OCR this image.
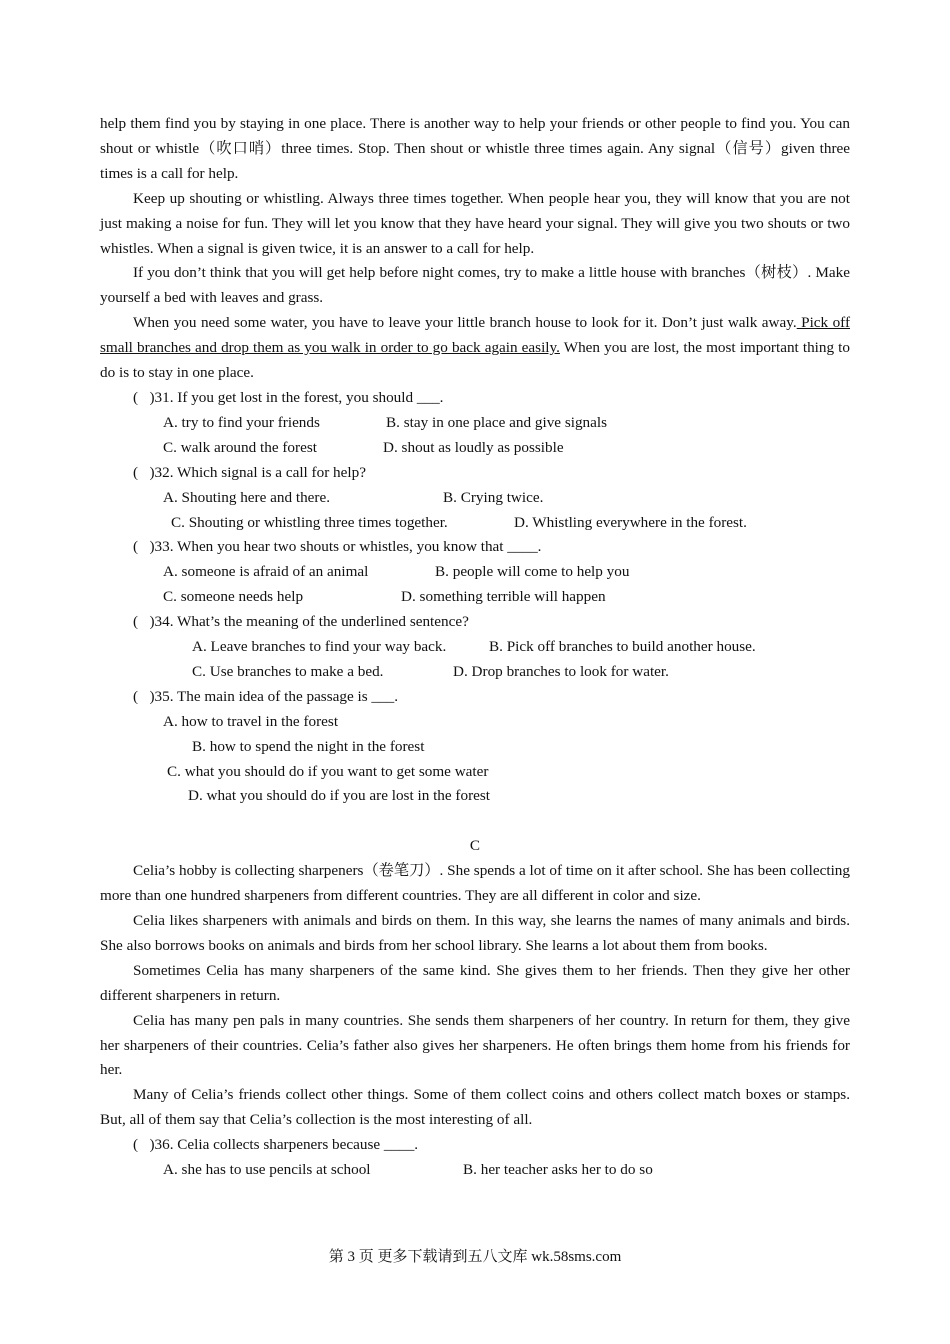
help them find you by staying in one place. There is another way to help your friends or other people to find you. You can shout or whistle（吹口哨）three times. Stop. Then shout or whistle three times again. Any signal（信号）given three times is a call for help.

Keep up shouting or whistling. Always three times together. When people hear you, they will know that you are not just making a noise for fun. They will let you know that they have heard your signal. They will give you two shouts or two whistles. When a signal is given twice, it is an answer to a call for help.

If you don’t think that you will get help before night comes, try to make a little house with branches（树枝）. Make yourself a bed with leaves and grass.

When you need some water, you have to leave your little branch house to look for it. Don’t just walk away. Pick off small branches and drop them as you walk in order to go back again easily. When you are lost, the most important thing to do is to stay in one place.

(   )31. If you get lost in the forest, you should ___.

A. try to find your friends	B. stay in one place and give signals
C. walk around the forest	D. shout as loudly as possible

(   )32. Which signal is a call for help?

A. Shouting here and there.	B. Crying twice.
C. Shouting or whistling three times together.	D. Whistling everywhere in the forest.

(   )33. When you hear two shouts or whistles, you know that ____.

A. someone is afraid of an animal	B. people will come to help you
C. someone needs help	D. something terrible will happen

(   )34. What’s the meaning of the underlined sentence?

A. Leave branches to find your way back.	B. Pick off branches to build another house.
C. Use branches to make a bed.	D. Drop branches to look for water.

(   )35. The main idea of the passage is ___.

A. how to travel in the forest
B. how to spend the night in the forest
C. what you should do if you want to get some water
D. what you should do if you are lost in the forest

C

Celia’s hobby is collecting sharpeners（卷笔刀）. She spends a lot of time on it after school. She has been collecting more than one hundred sharpeners from different countries. They are all different in color and size.

Celia likes sharpeners with animals and birds on them. In this way, she learns the names of many animals and birds. She also borrows books on animals and birds from her school library. She learns a lot about them from books.

Sometimes Celia has many sharpeners of the same kind. She gives them to her friends. Then they give her other different sharpeners in return.

Celia has many pen pals in many countries. She sends them sharpeners of her country. In return for them, they give her sharpeners of their countries. Celia’s father also gives her sharpeners. He often brings them home from his friends for her.

Many of Celia’s friends collect other things. Some of them collect coins and others collect match boxes or stamps. But, all of them say that Celia’s collection is the most interesting of all.

(   )36. Celia collects sharpeners because ____.

A. she has to use pencils at school	B. her teacher asks her to do so
第 3 页 更多下载请到五八文库 wk.58sms.com
